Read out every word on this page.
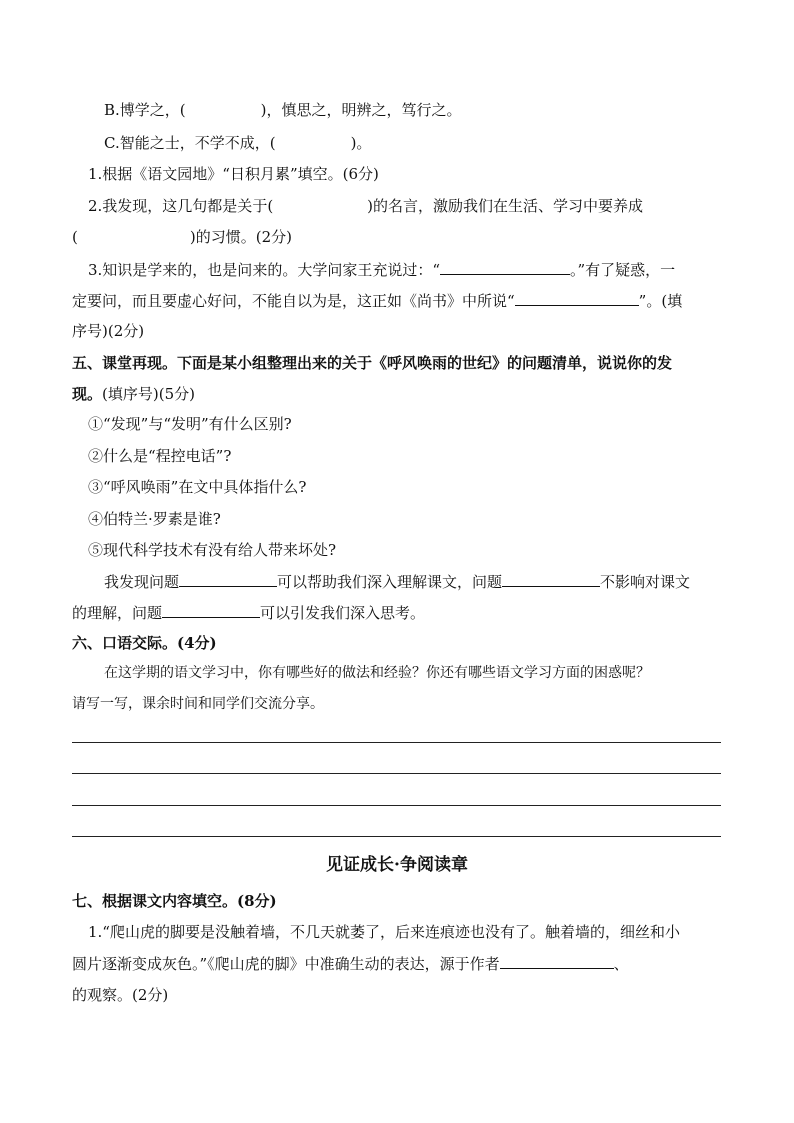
B.博学之，(	)，慎思之，明辨之，笃行之。
C.智能之士，不学不成，(	)。
1.根据《语文园地》“日积月累”填空。(6分)
2.我发现，这几句都是关于(	)的名言，激励我们在生活、学习中要养成
(	)的习惯。(2分)
3.知识是学来的，也是问来的。大学问家王充说过：“	。”有了疑惑，一
定要问，而且要虚心好问，不能自以为是，这正如《尚书》中所说“	”。(填
序号)(2分)
五、课堂再现。下面是某小组整理出来的关于《呼风唤雨的世纪》的问题清单，说说你的发
现。(填序号)(5分)
①“发现”与“发明”有什么区别?
②什么是“程控电话”?
③“呼风唤雨”在文中具体指什么?
④伯特兰·罗素是谁?
⑤现代科学技术有没有给人带来坏处?
我发现问题	可以帮助我们深入理解课文，问题	不影响对课文
的理解，问题	可以引发我们深入思考。
六、口语交际。(4分)
在这学期的语文学习中，你有哪些好的做法和经验？你还有哪些语文学习方面的困惑呢？
请写一写，课余时间和同学们交流分享。
见证成长·争阅读章
七、根据课文内容填空。(8分)
1.“爬山虎的脚要是没触着墙，不几天就萎了，后来连痕迹也没有了。触着墙的，细丝和小
圆片逐渐变成灰色。”《爬山虎的脚》中准确生动的表达，源于作者	、
的观察。(2分)
